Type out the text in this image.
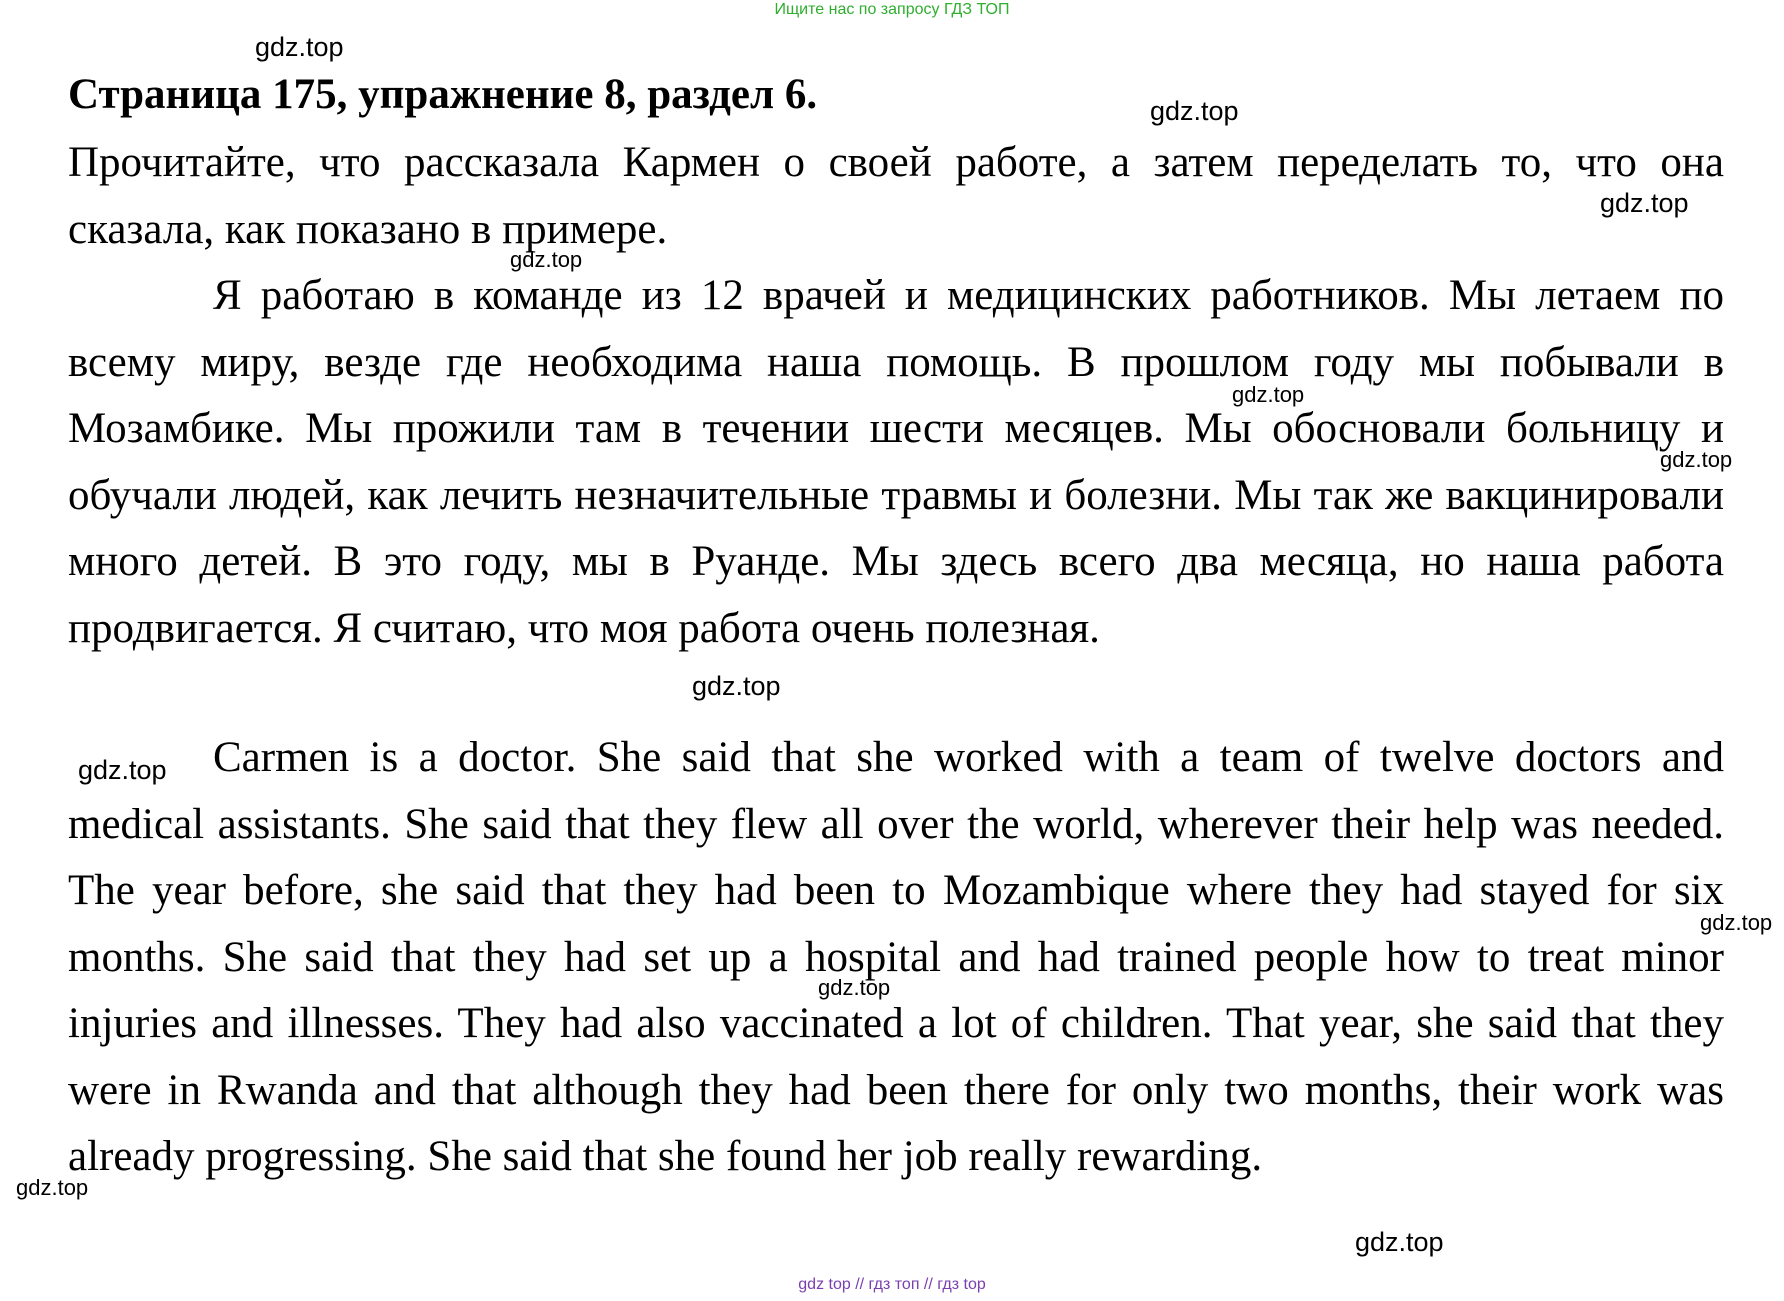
Ищите нас по запросу ГДЗ ТОП
Страница 175, упражнение 8, раздел 6.
Прочитайте, что рассказала Кармен о своей работе, а затем переделать то, что она сказала, как показано в примере.
Я работаю в команде из 12 врачей и медицинских работников. Мы летаем по всему миру, везде где необходима наша помощь. В прошлом году мы побывали в Мозамбике. Мы прожили там в течении шести месяцев. Мы обосновали больницу и обучали людей, как лечить незначительные травмы и болезни. Мы так же вакцинировали много детей. В это году, мы в Руанде. Мы здесь всего два месяца, но наша работа продвигается. Я считаю, что моя работа очень полезная.
Carmen is a doctor. She said that she worked with a team of twelve doctors and medical assistants. She said that they flew all over the world, wherever their help was needed. The year before, she said that they had been to Mozambique where they had stayed for six months. She said that they had set up a hospital and had trained people how to treat minor injuries and illnesses. They had also vaccinated a lot of children. That year, she said that they were in Rwanda and that although they had been there for only two months, their work was already progressing. She said that she found her job really rewarding.
gdz.top
gdz.top
gdz.top
gdz.top
gdz.top
gdz.top
gdz.top
gdz.top
gdz.top
gdz.top
gdz.top
gdz.top
gdz top // гдз топ // гдз top
